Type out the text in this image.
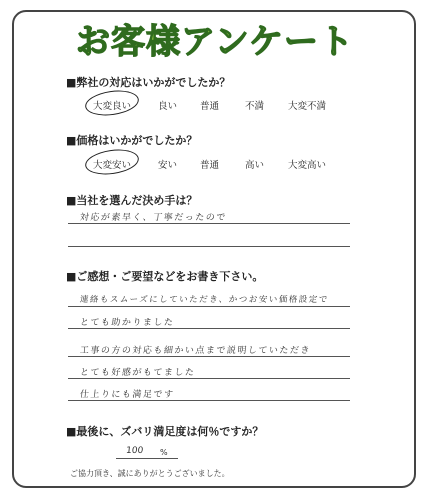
お客様アンケート
■弊社の対応はいかがでしたか？
大変良い	良い 普通	不満	大変不満
■価格はいかがでしたか？
大変安い	安い 普通	高い	大変高い
■当社を選んだ決め手は？
対応が素早く、丁寧だったので
■ご感想・ご要望などをお書き下さい。
連絡もスムーズにしていただき、かつお安い価格設定で
とても助かりました
工事の方の対応も細かい点まで説明していただき
とても好感がもてました
仕上りにも満足です
■最後に、ズバリ満足度は何％ですか？
100 %
ご協力頂き、誠にありがとうございました。
